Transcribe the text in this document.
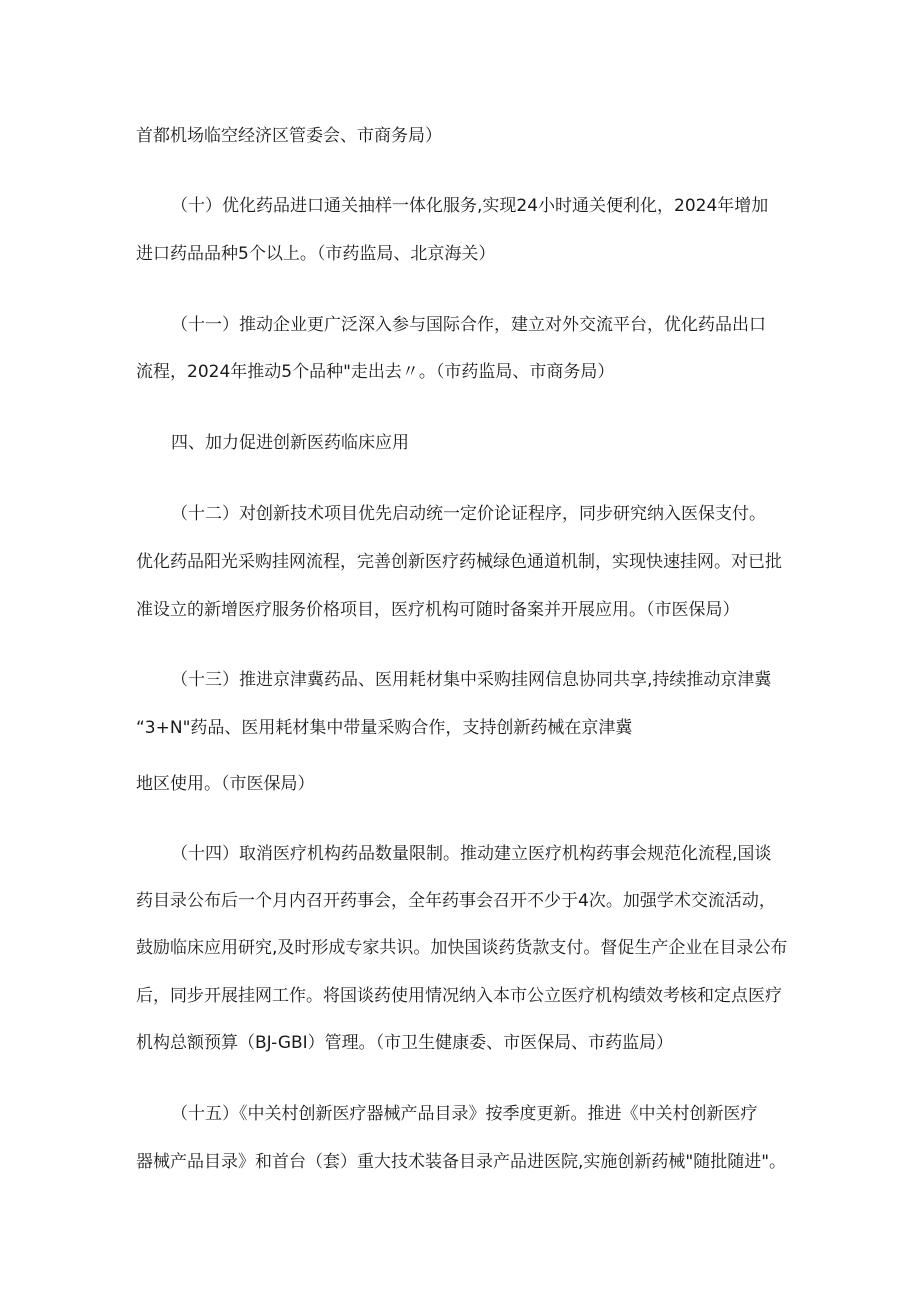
首都机场临空经济区管委会、市商务局）
（十）优化药品进口通关抽样一体化服务,实现24小时通关便利化，2024年增加
进口药品品种5个以上。（市药监局、北京海关）
（十一）推动企业更广泛深入参与国际合作，建立对外交流平台，优化药品出口
流程，2024年推动5个品种"走出去〃。（市药监局、市商务局）
四、加力促进创新医药临床应用
（十二）对创新技术项目优先启动统一定价论证程序，同步研究纳入医保支付。
优化药品阳光采购挂网流程，完善创新医疗药械绿色通道机制，实现快速挂网。对已批
准设立的新增医疗服务价格项目，医疗机构可随时备案并开展应用。（市医保局）
（十三）推进京津冀药品、医用耗材集中采购挂网信息协同共享,持续推动京津冀
“3+N"药品、医用耗材集中带量采购合作，支持创新药械在京津冀
地区使用。（市医保局）
（十四）取消医疗机构药品数量限制。推动建立医疗机构药事会规范化流程,国谈
药目录公布后一个月内召开药事会，全年药事会召开不少于4次。加强学术交流活动，
鼓励临床应用研究,及时形成专家共识。加快国谈药货款支付。督促生产企业在目录公布
后，同步开展挂网工作。将国谈药使用情况纳入本市公立医疗机构绩效考核和定点医疗
机构总额预算（BJ-GBI）管理。（市卫生健康委、市医保局、市药监局）
（十五）《中关村创新医疗器械产品目录》按季度更新。推进《中关村创新医疗
器械产品目录》和首台（套）重大技术装备目录产品进医院,实施创新药械"随批随进"。
